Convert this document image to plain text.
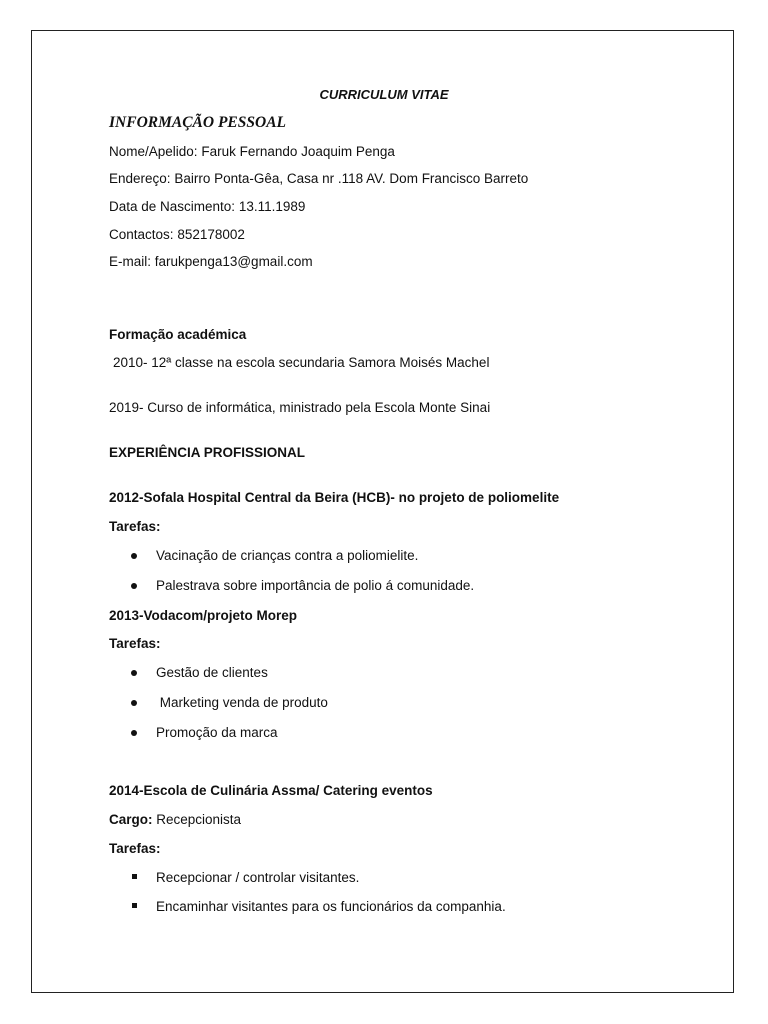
CURRICULUM VITAE
INFORMAÇÃO PESSOAL
Nome/Apelido: Faruk Fernando Joaquim Penga
Endereço: Bairro Ponta-Gêa, Casa nr .118 AV. Dom Francisco Barreto
Data de Nascimento: 13.11.1989
Contactos: 852178002
E-mail: farukpenga13@gmail.com
Formação académica
2010- 12ª classe na escola secundaria Samora Moisés Machel
2019- Curso de informática, ministrado pela Escola Monte Sinai
EXPERIÊNCIA PROFISSIONAL
2012-Sofala Hospital Central da Beira (HCB)- no projeto de poliomelite
Tarefas:
Vacinação de crianças contra a poliomielite.
Palestrava sobre importância de polio á comunidade.
2013-Vodacom/projeto Morep
Tarefas:
Gestão de clientes
Marketing venda de produto
Promoção da marca
2014-Escola de Culinária Assma/ Catering eventos
Cargo: Recepcionista
Tarefas:
Recepcionar / controlar visitantes.
Encaminhar visitantes para os funcionários da companhia.
